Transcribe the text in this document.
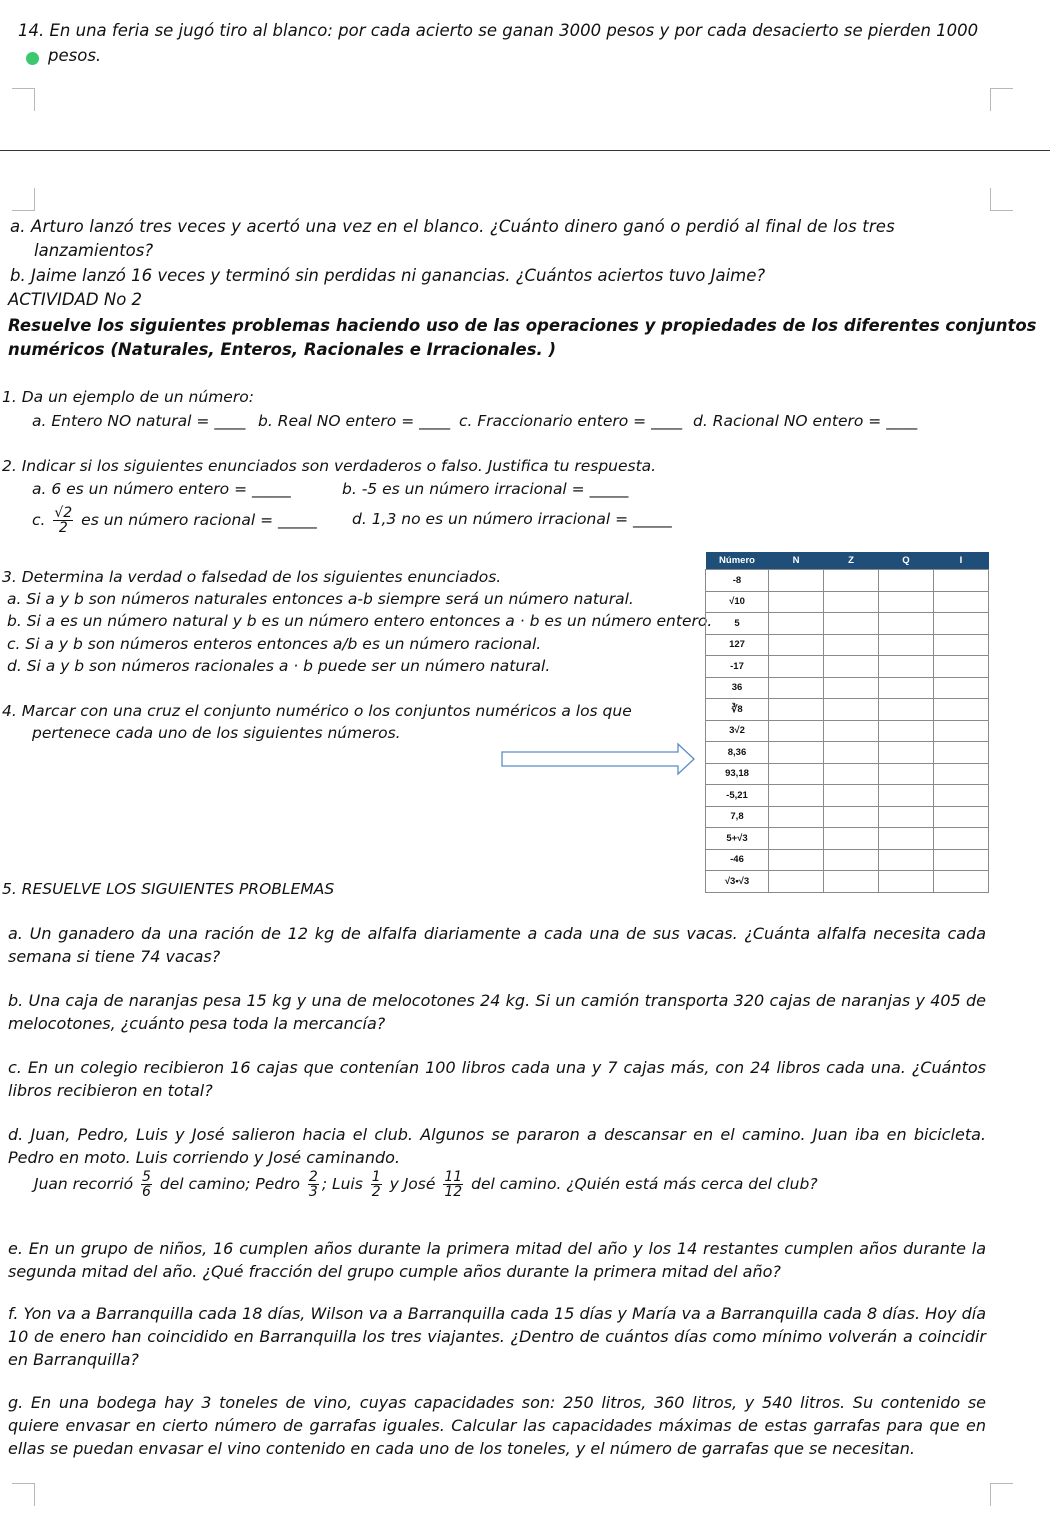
14. En una feria se jugó tiro al blanco: por cada acierto se ganan 3000 pesos y por cada desacierto se pierden 1000
pesos.
a. Arturo lanzó tres veces y acertó una vez en el blanco. ¿Cuánto dinero ganó o perdió al final de los tres
lanzamientos?
b. Jaime lanzó 16 veces y terminó sin perdidas ni ganancias. ¿Cuántos aciertos tuvo Jaime?
ACTIVIDAD No 2
Resuelve los siguientes problemas haciendo uso de las operaciones y propiedades de los diferentes conjuntos
numéricos (Naturales, Enteros, Racionales e Irracionales. )
1. Da un ejemplo de un número:
a. Entero NO natural = ____ b. Real NO entero = ____ c. Fraccionario entero = ____ d. Racional NO entero = ____
2. Indicar si los siguientes enunciados son verdaderos o falso. Justifica tu respuesta.
a. 6 es un número entero = _____	b. -5 es un número irracional = _____
c. $\frac{√2}{2}$ es un número racional = _____ d. 1,3 no es un número irracional = _____
3. Determina la verdad o falsedad de los siguientes enunciados.
a. Si a y b son números naturales entonces a-b siempre será un número natural.
b. Si a es un número natural y b es un número entero entonces a · b es un número entero.
c. Si a y b son números enteros entonces a/b es un número racional.
d. Si a y b son números racionales a · b puede ser un número natural.
4. Marcar con una cruz el conjunto numérico o los conjuntos numéricos a los que
pertenece cada uno de los siguientes números.
Número	N	Z	Q	I
-8				
√10				
5				
127				
-17				
36				
∛8				
3√2				
8,36				
93,18				
-5,21				
7,8				
5+√3				
-46				
√3•√3				
5. RESUELVE LOS SIGUIENTES PROBLEMAS
a. Un ganadero da una ración de 12 kg de alfalfa diariamente a cada una de sus vacas. ¿Cuánta alfalfa necesita cada semana si tiene 74 vacas?
b. Una caja de naranjas pesa 15 kg y una de melocotones 24 kg. Si un camión transporta 320 cajas de naranjas y 405 de melocotones, ¿cuánto pesa toda la mercancía?
c. En un colegio recibieron 16 cajas que contenían 100 libros cada una y 7 cajas más, con 24 libros cada una. ¿Cuántos libros recibieron en total?
d. Juan, Pedro, Luis y José salieron hacia el club. Algunos se pararon a descansar en el camino. Juan iba en bicicleta. Pedro en moto. Luis corriendo y José caminando.
Juan recorrió $\frac{5}{6}$ del camino; Pedro $\frac{2}{3}$ ; Luis $\frac{1}{2}$ y José $\frac{11}{12}$ del camino. ¿Quién está más cerca del club?
e. En un grupo de niños, 16 cumplen años durante la primera mitad del año y los 14 restantes cumplen años durante la segunda mitad del año. ¿Qué fracción del grupo cumple años durante la primera mitad del año?
f. Yon va a Barranquilla cada 18 días, Wilson va a Barranquilla cada 15 días y María va a Barranquilla cada 8 días. Hoy día 10 de enero han coincidido en Barranquilla los tres viajantes. ¿Dentro de cuántos días como mínimo volverán a coincidir en Barranquilla?
g. En una bodega hay 3 toneles de vino, cuyas capacidades son: 250 litros, 360 litros, y 540 litros. Su contenido se quiere envasar en cierto número de garrafas iguales. Calcular las capacidades máximas de estas garrafas para que en ellas se puedan envasar el vino contenido en cada uno de los toneles, y el número de garrafas que se necesitan.
